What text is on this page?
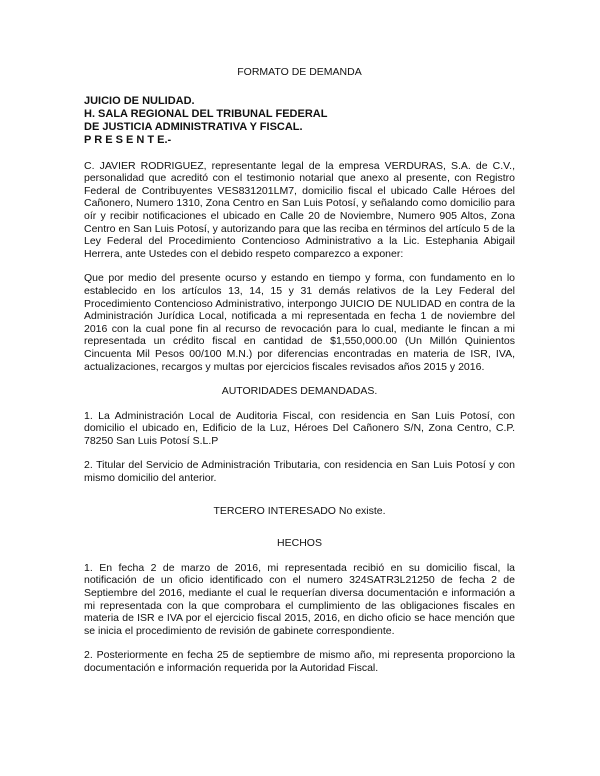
FORMATO DE DEMANDA
JUICIO DE NULIDAD.
H. SALA REGIONAL DEL TRIBUNAL FEDERAL
DE JUSTICIA ADMINISTRATIVA Y FISCAL.
P R E S E N T E.-

C. JAVIER RODRIGUEZ, representante legal de la empresa VERDURAS, S.A. de C.V., personalidad que acreditó con el testimonio notarial que anexo al presente, con Registro Federal de Contribuyentes VES831201LM7, domicilio fiscal el ubicado Calle Héroes del Cañonero, Numero 1310, Zona Centro en San Luis Potosí, y señalando como domicilio para oír y recibir notificaciones el ubicado en Calle 20 de Noviembre, Numero 905 Altos, Zona Centro en San Luis Potosí, y autorizando para que las reciba en términos del artículo 5 de la Ley Federal del Procedimiento Contencioso Administrativo a la Lic. Estephania Abigail Herrera, ante Ustedes con el debido respeto comparezco a exponer:

Que por medio del presente ocurso y estando en tiempo y forma, con fundamento en lo establecido en los artículos 13, 14, 15 y 31 demás relativos de la Ley Federal del Procedimiento Contencioso Administrativo, interpongo JUICIO DE NULIDAD en contra de la Administración Jurídica Local, notificada a mi representada en fecha 1 de noviembre del 2016 con la cual pone fin al recurso de revocación para lo cual, mediante le fincan a mi representada un crédito fiscal en cantidad de $1,550,000.00 (Un Millón Quinientos Cincuenta Mil Pesos 00/100 M.N.) por diferencias encontradas en materia de ISR, IVA, actualizaciones, recargos y multas por ejercicios fiscales revisados años 2015 y 2016.

AUTORIDADES DEMANDADAS.

1. La Administración Local de Auditoria Fiscal, con residencia en San Luis Potosí, con domicilio el ubicado en, Edificio de la Luz, Héroes Del Cañonero S/N, Zona Centro, C.P. 78250 San Luis Potosí S.L.P

2. Titular del Servicio de Administración Tributaria, con residencia en San Luis Potosí y con mismo domicilio del anterior.

TERCERO INTERESADO No existe.
HECHOS

1. En fecha 2 de marzo de 2016, mi representada recibió en su domicilio fiscal, la notificación de un oficio identificado con el numero 324SATR3L21250 de fecha 2 de Septiembre del 2016, mediante el cual le requerían diversa documentación e información a mi representada con la que comprobara el cumplimiento de las obligaciones fiscales en materia de ISR e IVA por el ejercicio fiscal 2015, 2016, en dicho oficio se hace mención que se inicia el procedimiento de revisión de gabinete correspondiente.

2. Posteriormente en fecha 25 de septiembre de mismo año, mi representa proporciono la documentación e información requerida por la Autoridad Fiscal.
